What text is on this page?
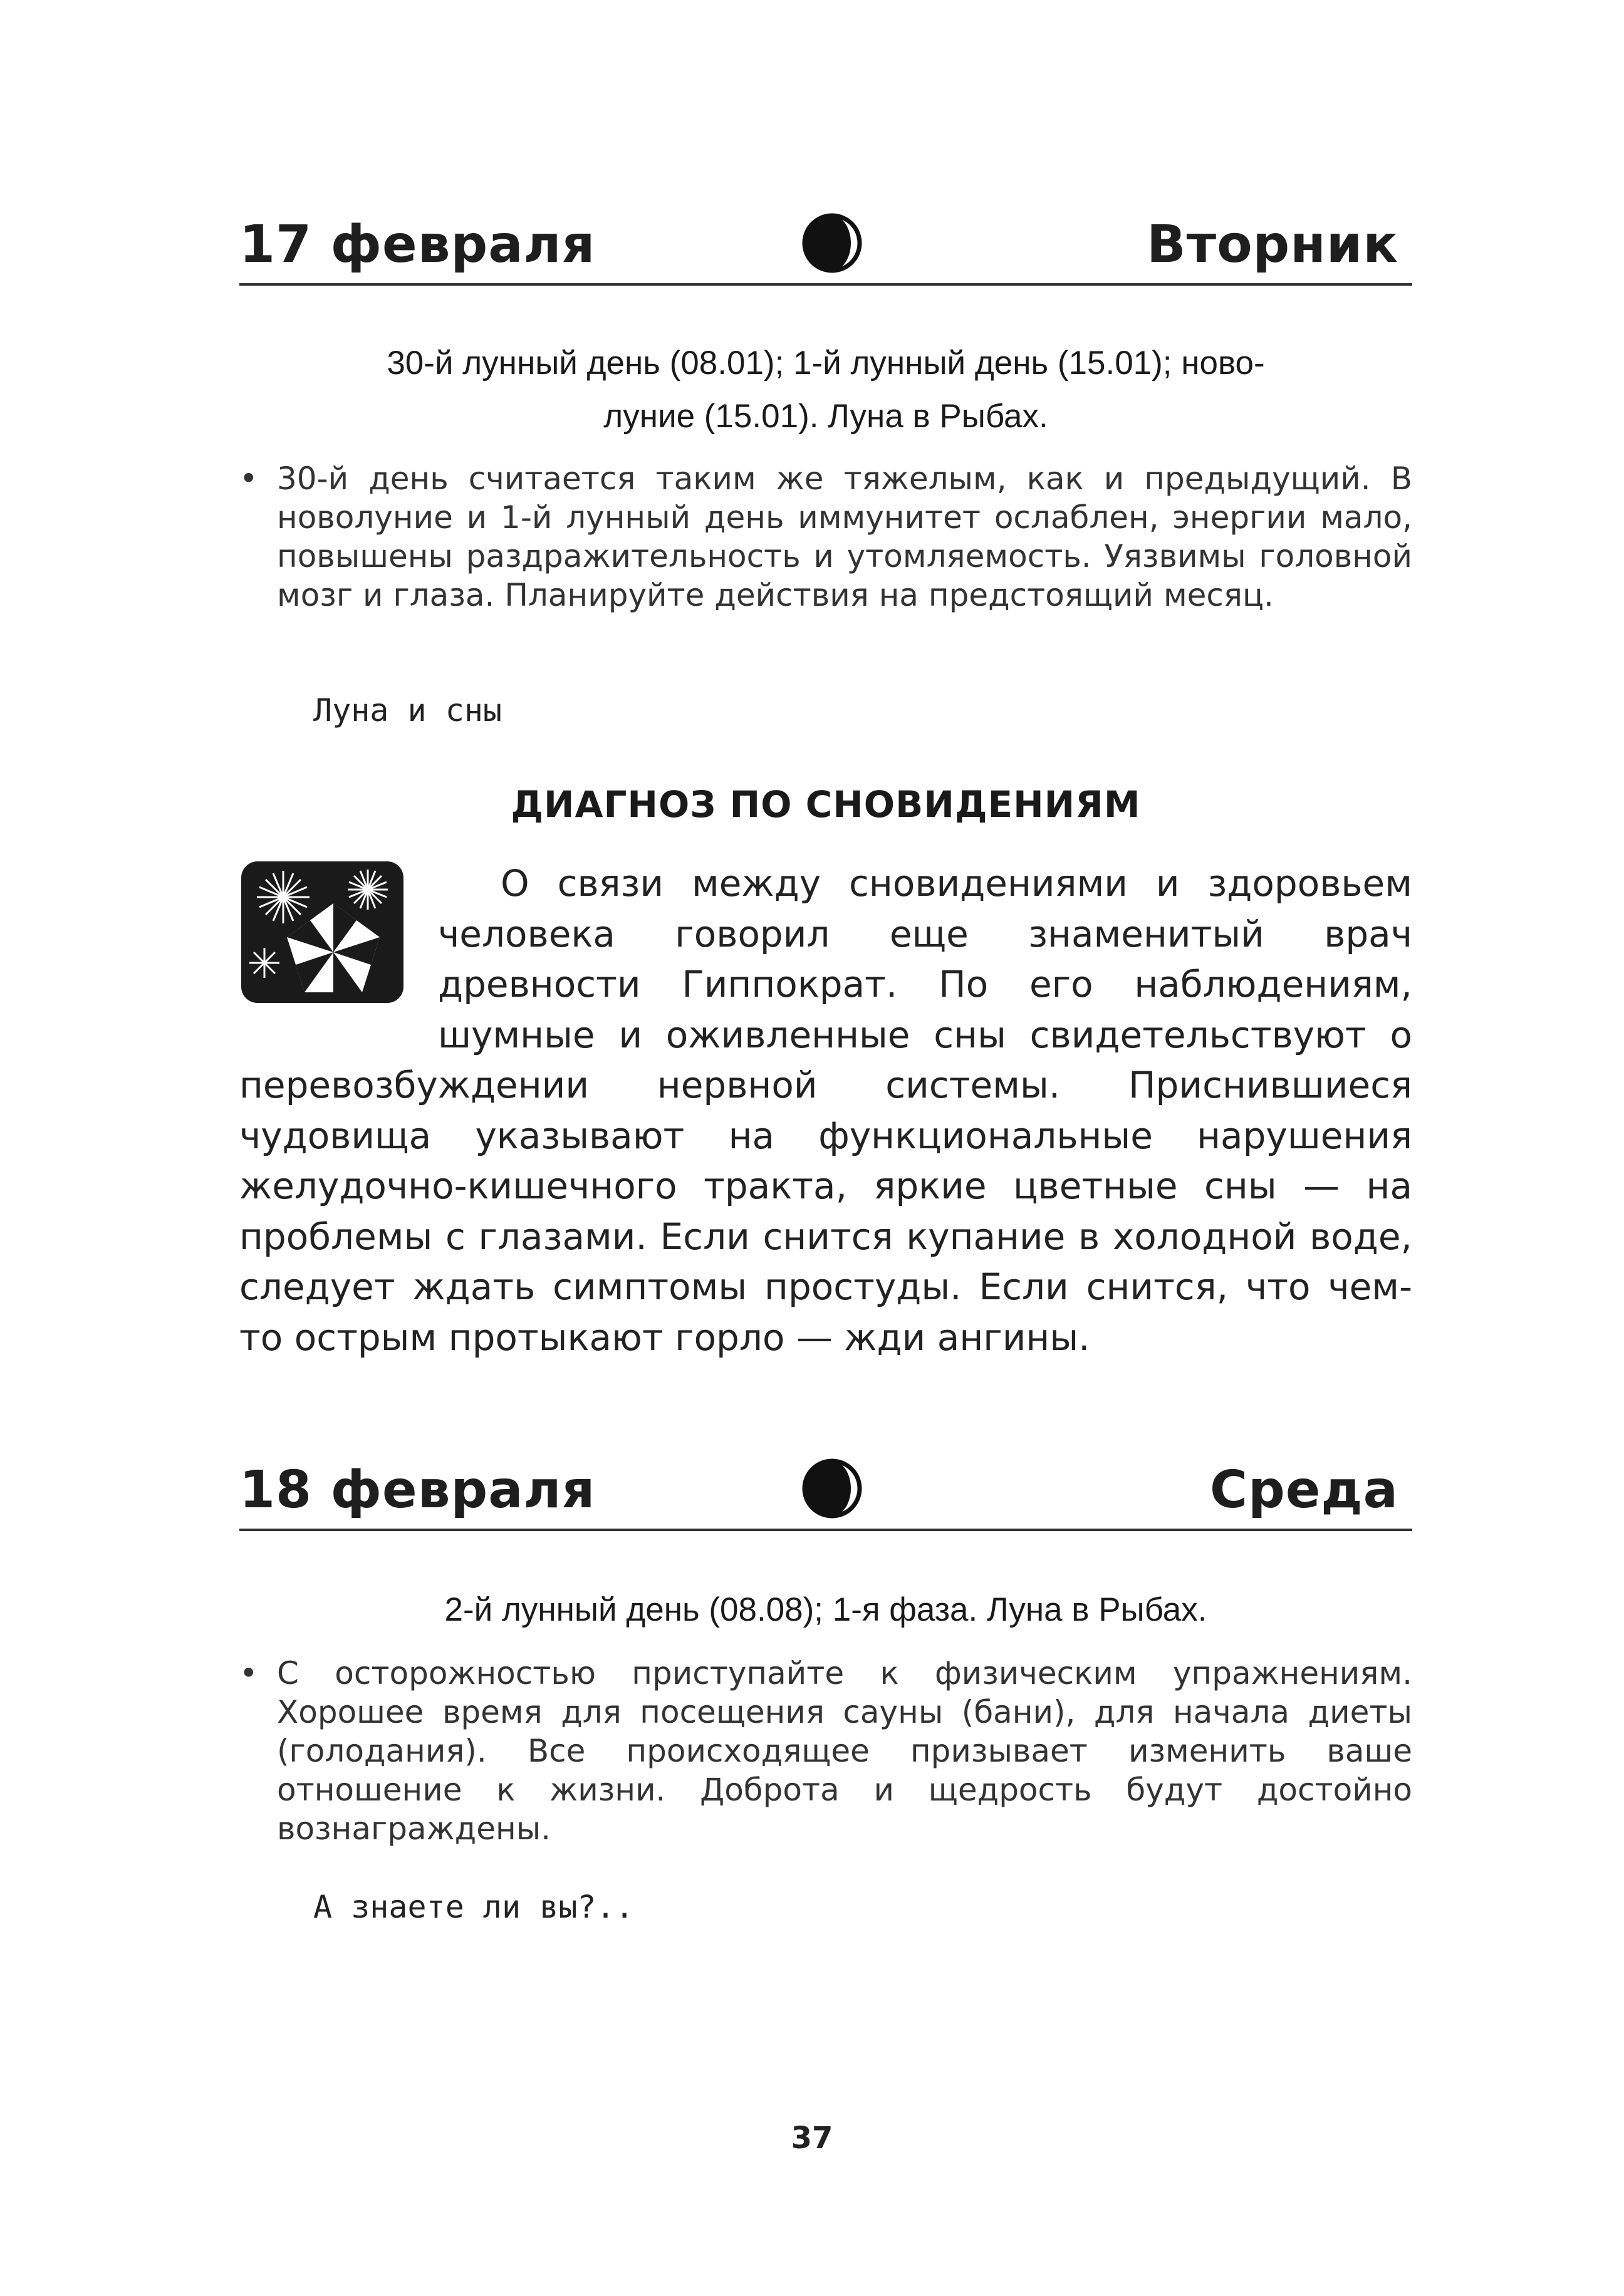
17 февраля	Вторник
30-й лунный день (08.01); 1-й лунный день (15.01); ново-
луние (15.01). Луна в Рыбах.
• 30-й день считается таким же тяжелым, как и предыдущий. В новолуние и 1-й лунный день иммунитет ослаблен, энергии мало, повышены раздражительность и утомляемость. Уязвимы головной мозг и глаза. Планируйте действия на предстоящий месяц.
Луна и сны
ДИАГНОЗ ПО СНОВИДЕНИЯМ
О связи между сновидениями и здоровьем человека говорил еще знаменитый врач древности Гиппократ. По его наблюдениям, шумные и оживленные сны свидетельствуют о перевозбуждении нервной системы. Приснившиеся чудовища указывают на функциональные нарушения желудочно-кишечного тракта, яркие цветные сны — на проблемы с глазами. Если снится купание в холодной воде, следует ждать симптомы простуды. Если снится, что чем-то острым протыкают горло — жди ангины.
18 февраля	Среда
2-й лунный день (08.08); 1-я фаза. Луна в Рыбах.
• С осторожностью приступайте к физическим упражнениям. Хорошее время для посещения сауны (бани), для начала диеты (голодания). Все происходящее призывает изменить ваше отношение к жизни. Доброта и щедрость будут достойно вознаграждены.
А знаете ли вы?..
37
